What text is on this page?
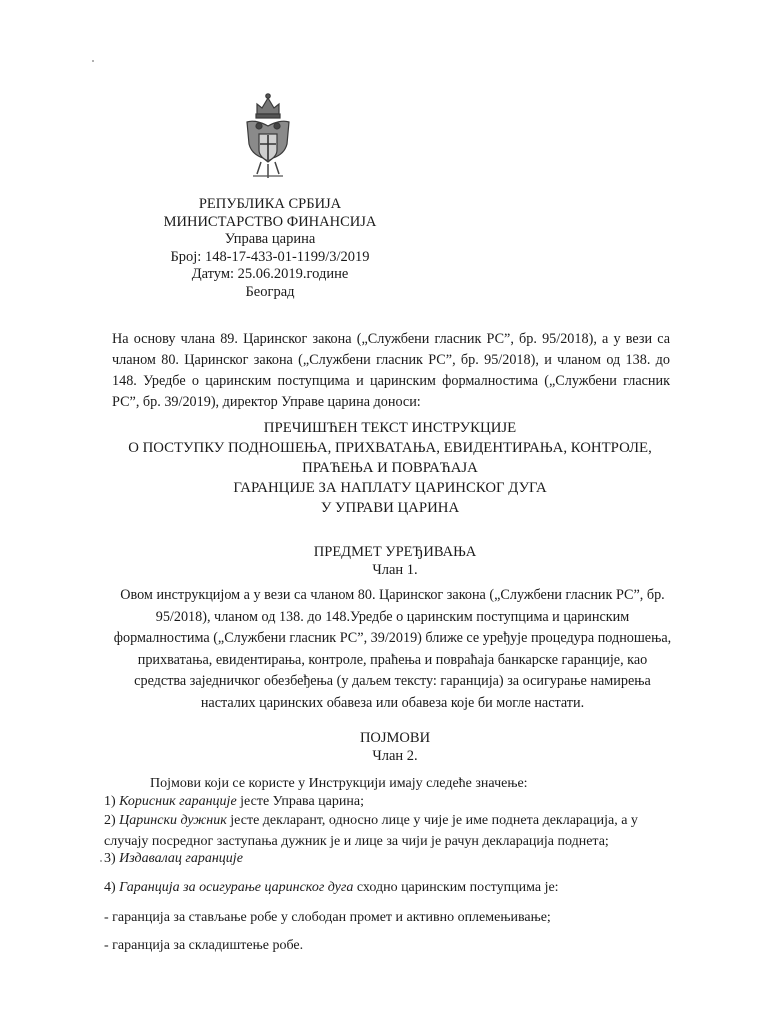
РЕПУБЛИКА СРБИЈА
МИНИСТАРСТВО ФИНАНСИЈА
Управа царина
Број: 148-17-433-01-1199/3/2019
Датум: 25.06.2019.године
Београд
На основу члана 89. Царинског закона („Службени гласник РС”, бр. 95/2018), а у вези са чланом 80. Царинског закона („Службени гласник РС”, бр. 95/2018), и чланом од 138. до 148. Уредбе о царинским поступцима и царинским формалностима („Службени гласник РС”, бр. 39/2019), директор Управе царина доноси:
ПРЕЧИШЋЕН ТЕКСТ ИНСТРУКЦИЈЕ
О ПОСТУПКУ ПОДНОШЕЊА, ПРИХВАТАЊА, ЕВИДЕНТИРАЊА, КОНТРОЛЕ,
ПРАЋЕЊА И ПОВРАЋАЈА
ГАРАНЦИЈЕ ЗА НАПЛАТУ ЦАРИНСКОГ ДУГА
У УПРАВИ ЦАРИНА
ПРЕДМЕТ УРЕЂИВАЊА
Члан 1.
Овом инструкцијом а у вези са чланом 80. Царинског закона („Службени гласник РС”, бр. 95/2018), чланом од 138. до 148.Уредбе о царинским поступцима и царинским формалностима („Службени гласник РС”, 39/2019) ближе се уређује процедура подношења, прихватања, евидентирања, контроле, праћења и повраћаја банкарске гаранције, као средства заједничког обезбеђења (у даљем тексту: гаранција) за осигурање намирења насталих царинских обавеза или обавеза које би могле настати.
ПОЈМОВИ
Члан 2.
Појмови који се користе у Инструкцији имају следеће значење:
1) Корисник гаранције јесте Управа царина;
2) Царински дужник јесте декларант, односно лице у чије је име поднета декларација, а у случају посредног заступања дужник је и лице за чији је рачун декларација поднета;
3) Издавалац гаранције
4) Гаранција за осигурање царинског дуга сходно царинским поступцима је:
- гаранција за стављање робе у слободан промет и активно оплемењивање;
- гаранција за складиштење робе.
